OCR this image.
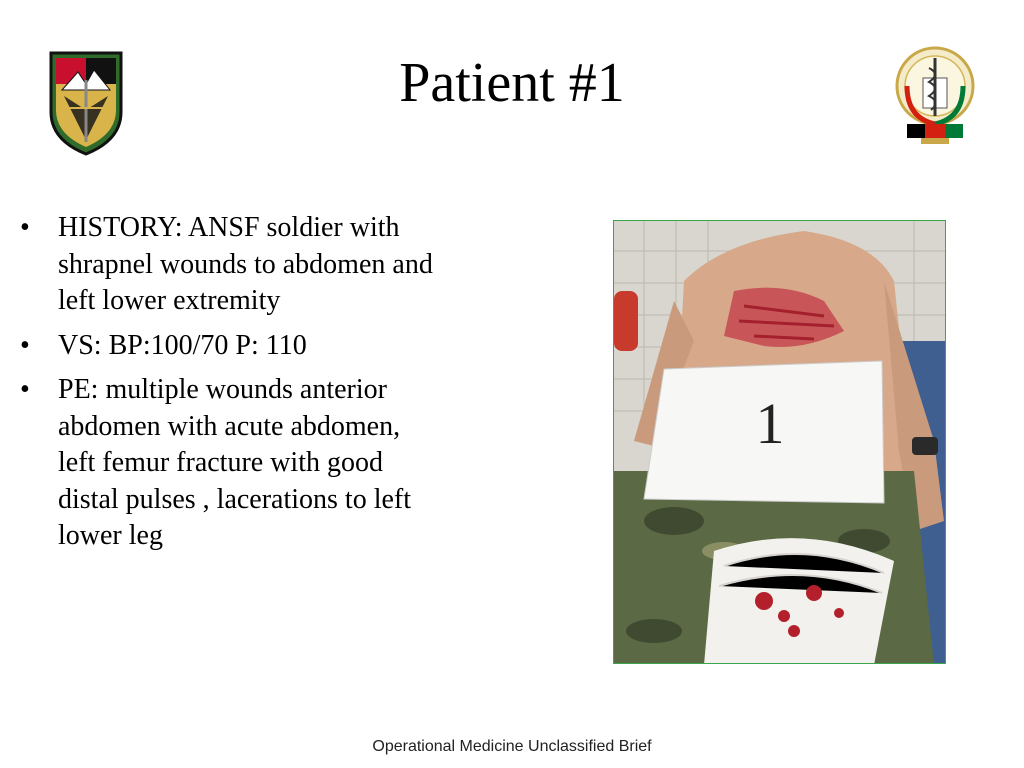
Patient #1
• HISTORY: ANSF soldier with shrapnel wounds to abdomen and left lower extremity
• VS: BP:100/70 P: 110
• PE: multiple wounds anterior abdomen with acute abdomen, left femur fracture with good distal pulses , lacerations to left lower leg
1
Operational Medicine Unclassified Brief
